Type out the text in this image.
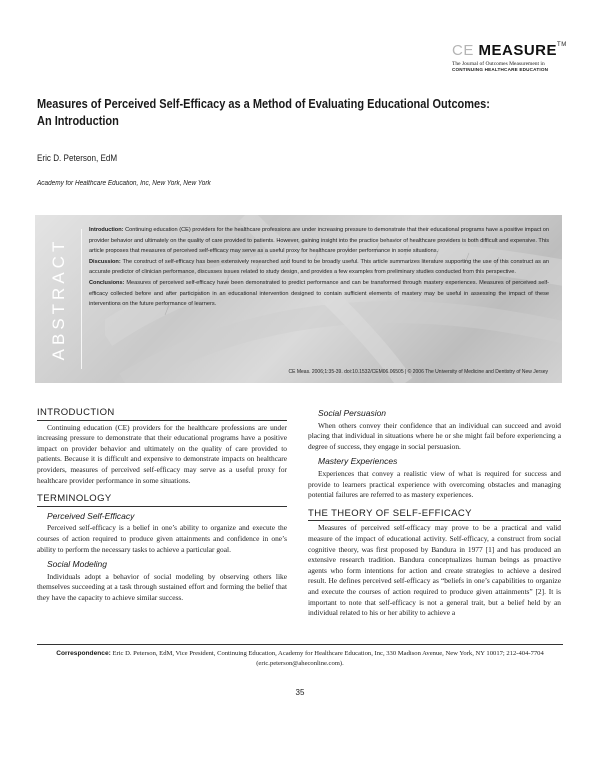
CE MEASURE™
The Journal of Outcomes Measurement in
CONTINUING HEALTHCARE EDUCATION
Measures of Perceived Self-Efficacy as a Method of Evaluating Educational Outcomes: An Introduction
Eric D. Peterson, EdM
Academy for Healthcare Education, Inc, New York, New York
ABSTRACT

Introduction: Continuing education (CE) providers for the healthcare professions are under increasing pressure to demonstrate that their educational programs have a positive impact on provider behavior and ultimately on the quality of care provided to patients. However, gaining insight into the practice behavior of healthcare providers is both difficult and expensive. This article proposes that measures of perceived self-efficacy may serve as a useful proxy for healthcare provider performance in some situations.

Discussion: The construct of self-efficacy has been extensively researched and found to be broadly useful. This article summarizes literature supporting the use of this construct as an accurate predictor of clinician performance, discusses issues related to study design, and provides a few examples from preliminary studies conducted from this perspective.

Conclusions: Measures of perceived self-efficacy have been demonstrated to predict performance and can be transformed through mastery experiences. Measures of perceived self-efficacy collected before and after participation in an educational intervention designed to contain sufficient elements of mastery may be useful in assessing the impact of these interventions on the future performance of learners.

CE Meas. 2006;1:35-39. doi:10.1532/CEM06.06505 | © 2006 The University of Medicine and Dentistry of New Jersey
INTRODUCTION

Continuing education (CE) providers for the healthcare professions are under increasing pressure to demonstrate that their educational programs have a positive impact on provider behavior and ultimately on the quality of care provided to patients. Because it is difficult and expensive to demonstrate impacts on healthcare providers, measures of perceived self-efficacy may serve as a useful proxy for healthcare provider performance in some situations.

TERMINOLOGY
Perceived Self-Efficacy

Perceived self-efficacy is a belief in one’s ability to organize and execute the courses of action required to produce given attainments and confidence in one’s ability to perform the necessary tasks to achieve a particular goal.

Social Modeling

Individuals adopt a behavior of social modeling by observing others like themselves succeeding at a task through sustained effort and forming the belief that they have the capacity to achieve similar success.

Social Persuasion

When others convey their confidence that an individual can succeed and avoid placing that individual in situations where he or she might fail before experiencing a degree of success, they engage in social persuasion.

Mastery Experiences

Experiences that convey a realistic view of what is required for success and provide to learners practical experience with overcoming obstacles and managing potential failures are referred to as mastery experiences.

THE THEORY OF SELF-EFFICACY

Measures of perceived self-efficacy may prove to be a practical and valid measure of the impact of educational activity. Self-efficacy, a construct from social cognitive theory, was first proposed by Bandura in 1977 [1] and has produced an extensive research tradition. Bandura conceptualizes human beings as proactive agents who form intentions for action and create strategies to achieve a desired result. He defines perceived self-efficacy as “beliefs in one’s capabilities to organize and execute the courses of action required to produce given attainments” [2]. It is important to note that self-efficacy is not a general trait, but a belief held by an individual related to his or her ability to achieve a

Correspondence: Eric D. Peterson, EdM, Vice President, Continuing Education, Academy for Healthcare Education, Inc, 330 Madison Avenue, New York, NY 10017; 212-404-7704 (eric.peterson@aheconline.com).
35
